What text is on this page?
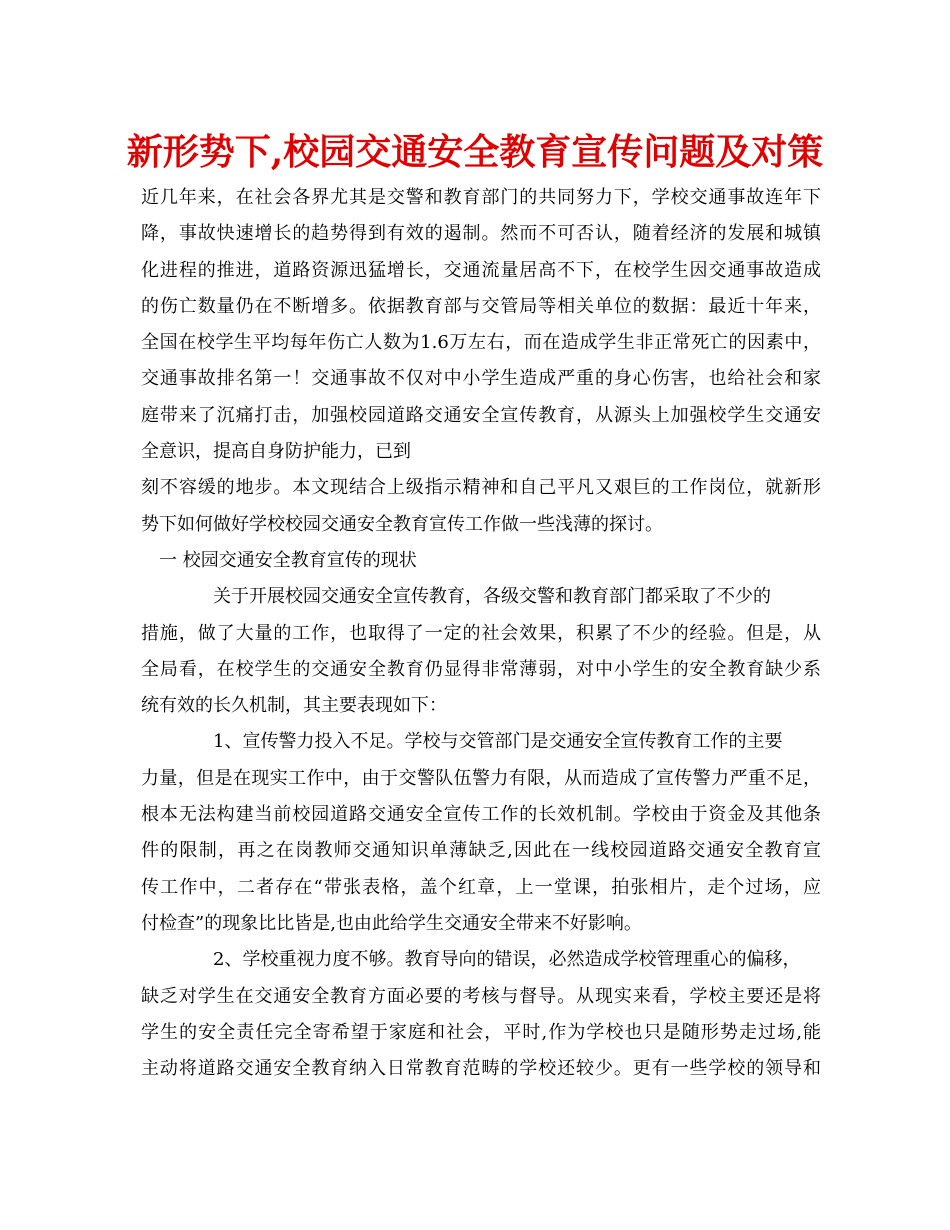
新形势下,校园交通安全教育宣传问题及对策
近几年来，在社会各界尤其是交警和教育部门的共同努力下，学校交通事故连年下
降，事故快速增长的趋势得到有效的遏制。然而不可否认，随着经济的发展和城镇
化进程的推进，道路资源迅猛增长，交通流量居高不下，在校学生因交通事故造成
的伤亡数量仍在不断增多。依据教育部与交管局等相关单位的数据：最近十年来，
全国在校学生平均每年伤亡人数为1.6万左右，而在造成学生非正常死亡的因素中，
交通事故排名第一！交通事故不仅对中小学生造成严重的身心伤害，也给社会和家
庭带来了沉痛打击，加强校园道路交通安全宣传教育，从源头上加强校学生交通安
全意识，提高自身防护能力，已到
刻不容缓的地步。本文现结合上级指示精神和自己平凡又艰巨的工作岗位，就新形
势下如何做好学校校园交通安全教育宣传工作做一些浅薄的探讨。
一 校园交通安全教育宣传的现状
关于开展校园交通安全宣传教育，各级交警和教育部门都采取了不少的
措施，做了大量的工作，也取得了一定的社会效果，积累了不少的经验。但是，从
全局看，在校学生的交通安全教育仍显得非常薄弱，对中小学生的安全教育缺少系
统有效的长久机制，其主要表现如下：
1、宣传警力投入不足。学校与交管部门是交通安全宣传教育工作的主要
力量，但是在现实工作中，由于交警队伍警力有限，从而造成了宣传警力严重不足，
根本无法构建当前校园道路交通安全宣传工作的长效机制。学校由于资金及其他条
件的限制，再之在岗教师交通知识单薄缺乏,因此在一线校园道路交通安全教育宣
传工作中，二者存在“带张表格，盖个红章，上一堂课，拍张相片，走个过场，应
付检查”的现象比比皆是,也由此给学生交通安全带来不好影响。
2、学校重视力度不够。教育导向的错误，必然造成学校管理重心的偏移，
缺乏对学生在交通安全教育方面必要的考核与督导。从现实来看，学校主要还是将
学生的安全责任完全寄希望于家庭和社会，平时,作为学校也只是随形势走过场,能
主动将道路交通安全教育纳入日常教育范畴的学校还较少。更有一些学校的领导和
